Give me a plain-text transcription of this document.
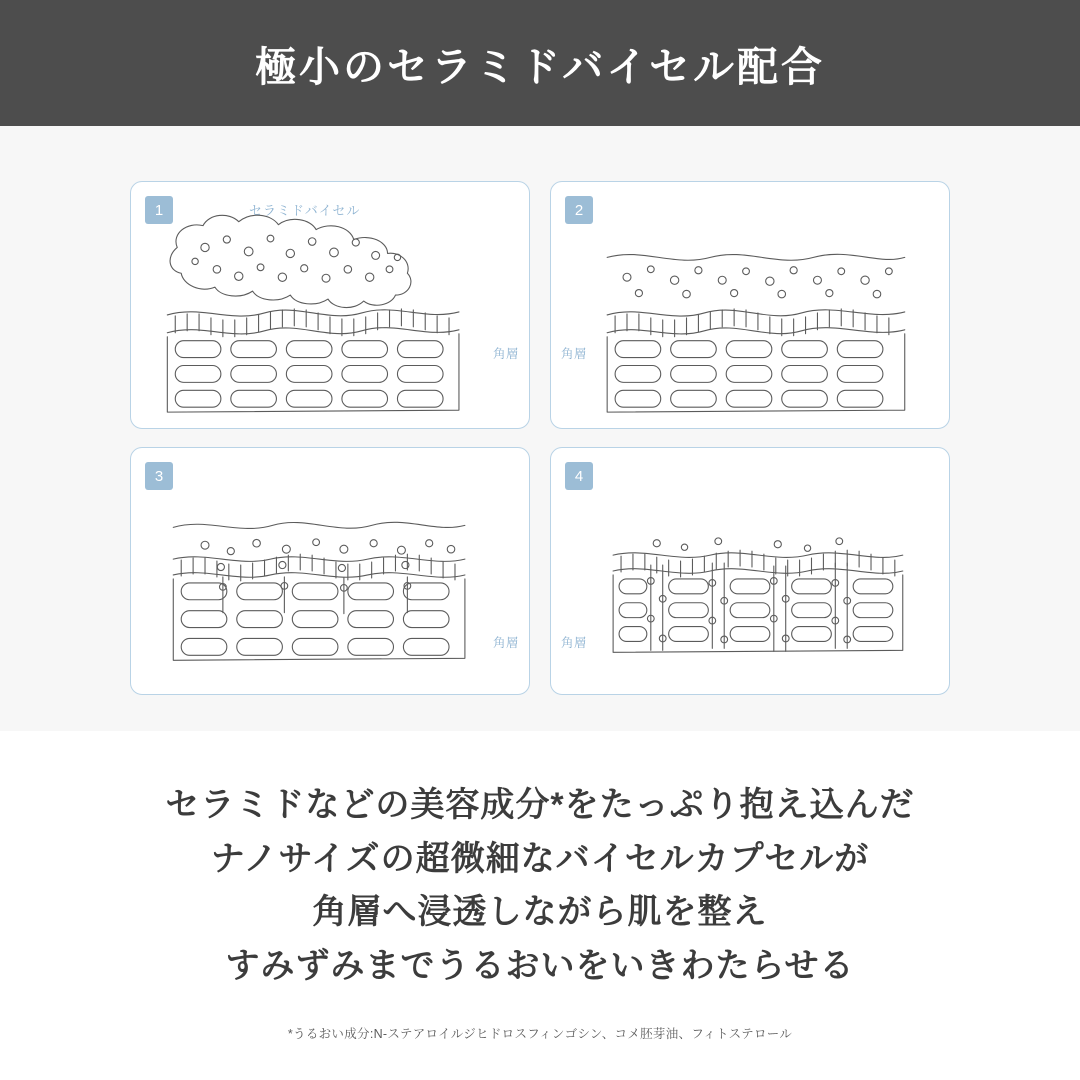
極小のセラミドバイセル配合
1	セラミドバイセル
角層
2
角層
3
角層
4
角層
セラミドなどの美容成分*をたっぷり抱え込んだ
ナノサイズの超微細なバイセルカプセルが
角層へ浸透しながら肌を整え
すみずみまでうるおいをいきわたらせる
*うるおい成分:N-ステアロイルジヒドロスフィンゴシン、コメ胚芽油、フィトステロール
